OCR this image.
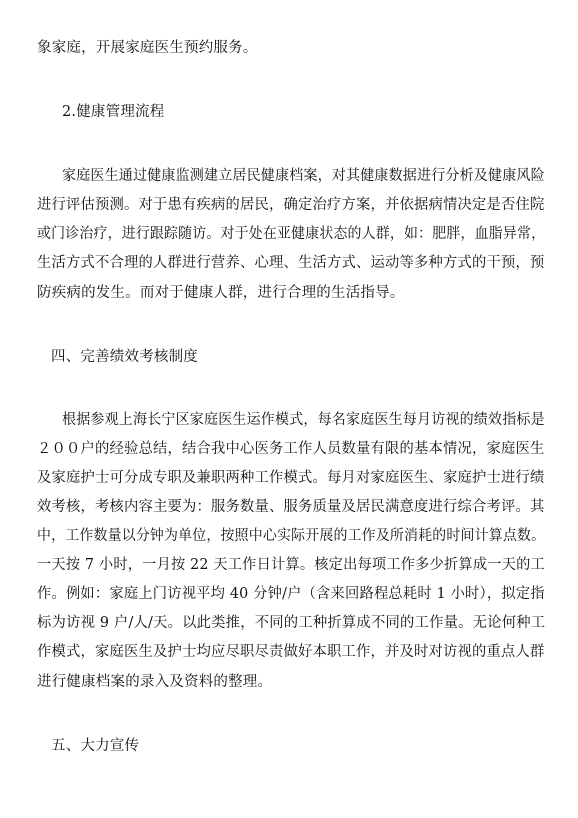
象家庭，开展家庭医生预约服务。
2.健康管理流程
家庭医生通过健康监测建立居民健康档案，对其健康数据进行分析及健康风险
进行评估预测。对于患有疾病的居民，确定治疗方案，并依据病情决定是否住院
或门诊治疗，进行跟踪随访。对于处在亚健康状态的人群，如：肥胖，血脂异常，
生活方式不合理的人群进行营养、心理、生活方式、运动等多种方式的干预，预
防疾病的发生。而对于健康人群，进行合理的生活指导。
四、完善绩效考核制度
根据参观上海长宁区家庭医生运作模式，每名家庭医生每月访视的绩效指标是
２００户的经验总结，结合我中心医务工作人员数量有限的基本情况，家庭医生
及家庭护士可分成专职及兼职两种工作模式。每月对家庭医生、家庭护士进行绩
效考核，考核内容主要为：服务数量、服务质量及居民满意度进行综合考评。其
中，工作数量以分钟为单位，按照中心实际开展的工作及所消耗的时间计算点数。
一天按 7 小时，一月按 22 天工作日计算。核定出每项工作多少折算成一天的工
作。例如：家庭上门访视平均 40 分钟/户（含来回路程总耗时 1 小时），拟定指
标为访视 9 户/人/天。以此类推，不同的工种折算成不同的工作量。无论何种工
作模式，家庭医生及护士均应尽职尽责做好本职工作，并及时对访视的重点人群
进行健康档案的录入及资料的整理。
五、大力宣传
